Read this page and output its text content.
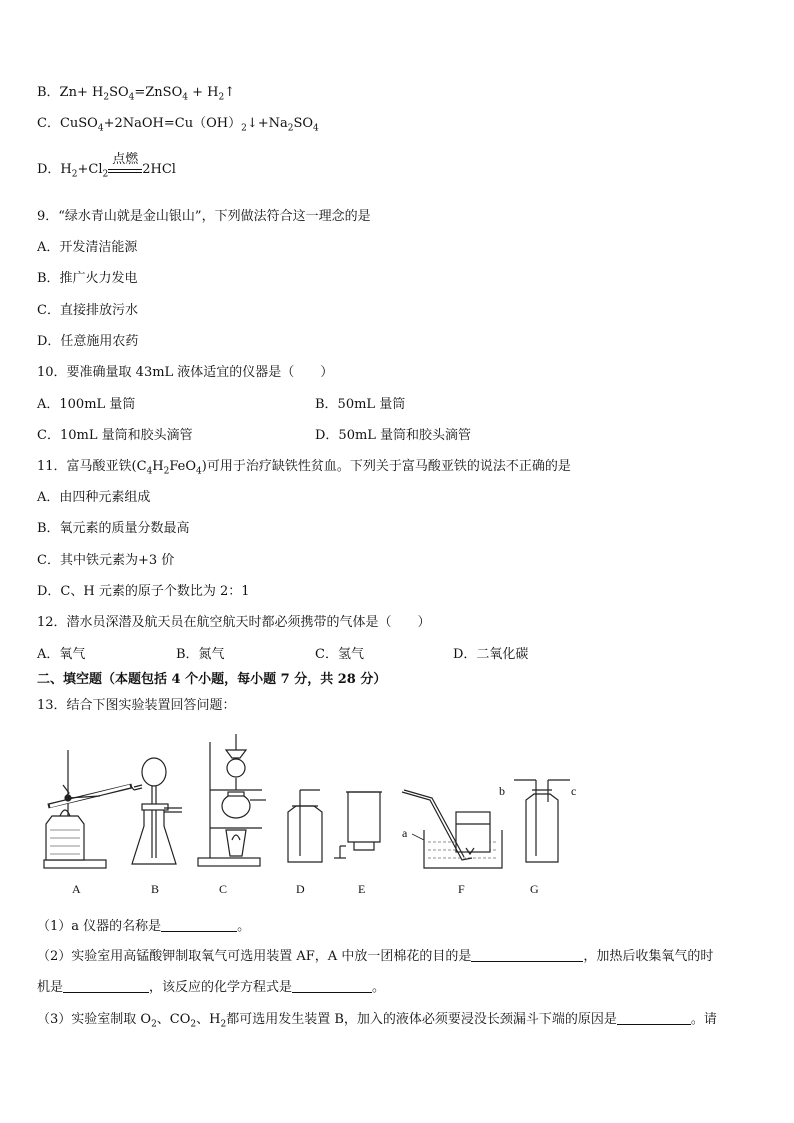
B．$Zn+ H_2SO_4=ZnSO_4$ + $H_2↑$
C．$CuSO_4+2NaOH=Cu(OH)_2↓+Na_2SO_4$
D．$H_2+Cl_2$
点燃
2HCl
9．“绿水青山就是金山银山”，下列做法符合这一理念的是
A．开发清洁能源
B．推广火力发电
C．直接排放污水
D．任意施用农药
10．要准确量取 43mL 液体适宜的仪器是（　　）
A．100mL 量筒	B．50mL 量筒
C．10mL 量筒和胶头滴管	D．50mL 量筒和胶头滴管
11．富马酸亚铁$(C_4H_2FeO_4)$可用于治疗缺铁性贫血。下列关于富马酸亚铁的说法不正确的是
A．由四种元素组成
B．氧元素的质量分数最高
C．其中铁元素为+3 价
D．C、H 元素的原子个数比为 2：1
12．潜水员深潜及航天员在航空航天时都必须携带的气体是（　　）
A．氧气	B．氮气	C．氢气	D．二氧化碳
二、填空题（本题包括 4 个小题，每小题 7 分，共 28 分）
13．结合下图实验装置回答问题：
A	B	C	D	E	F	G
a
b	c
（1）a 仪器的名称是	。
（2）实验室用高锰酸钾制取氧气可选用装置 AF，A 中放一团棉花的目的是	，加热后收集氧气的时
机是	，该反应的化学方程式是	。
（3）实验室制取 $O_2$、$CO_2$、$H_2$都可选用发生装置 B，加入的液体必须要浸没长颈漏斗下端的原因是	。请
